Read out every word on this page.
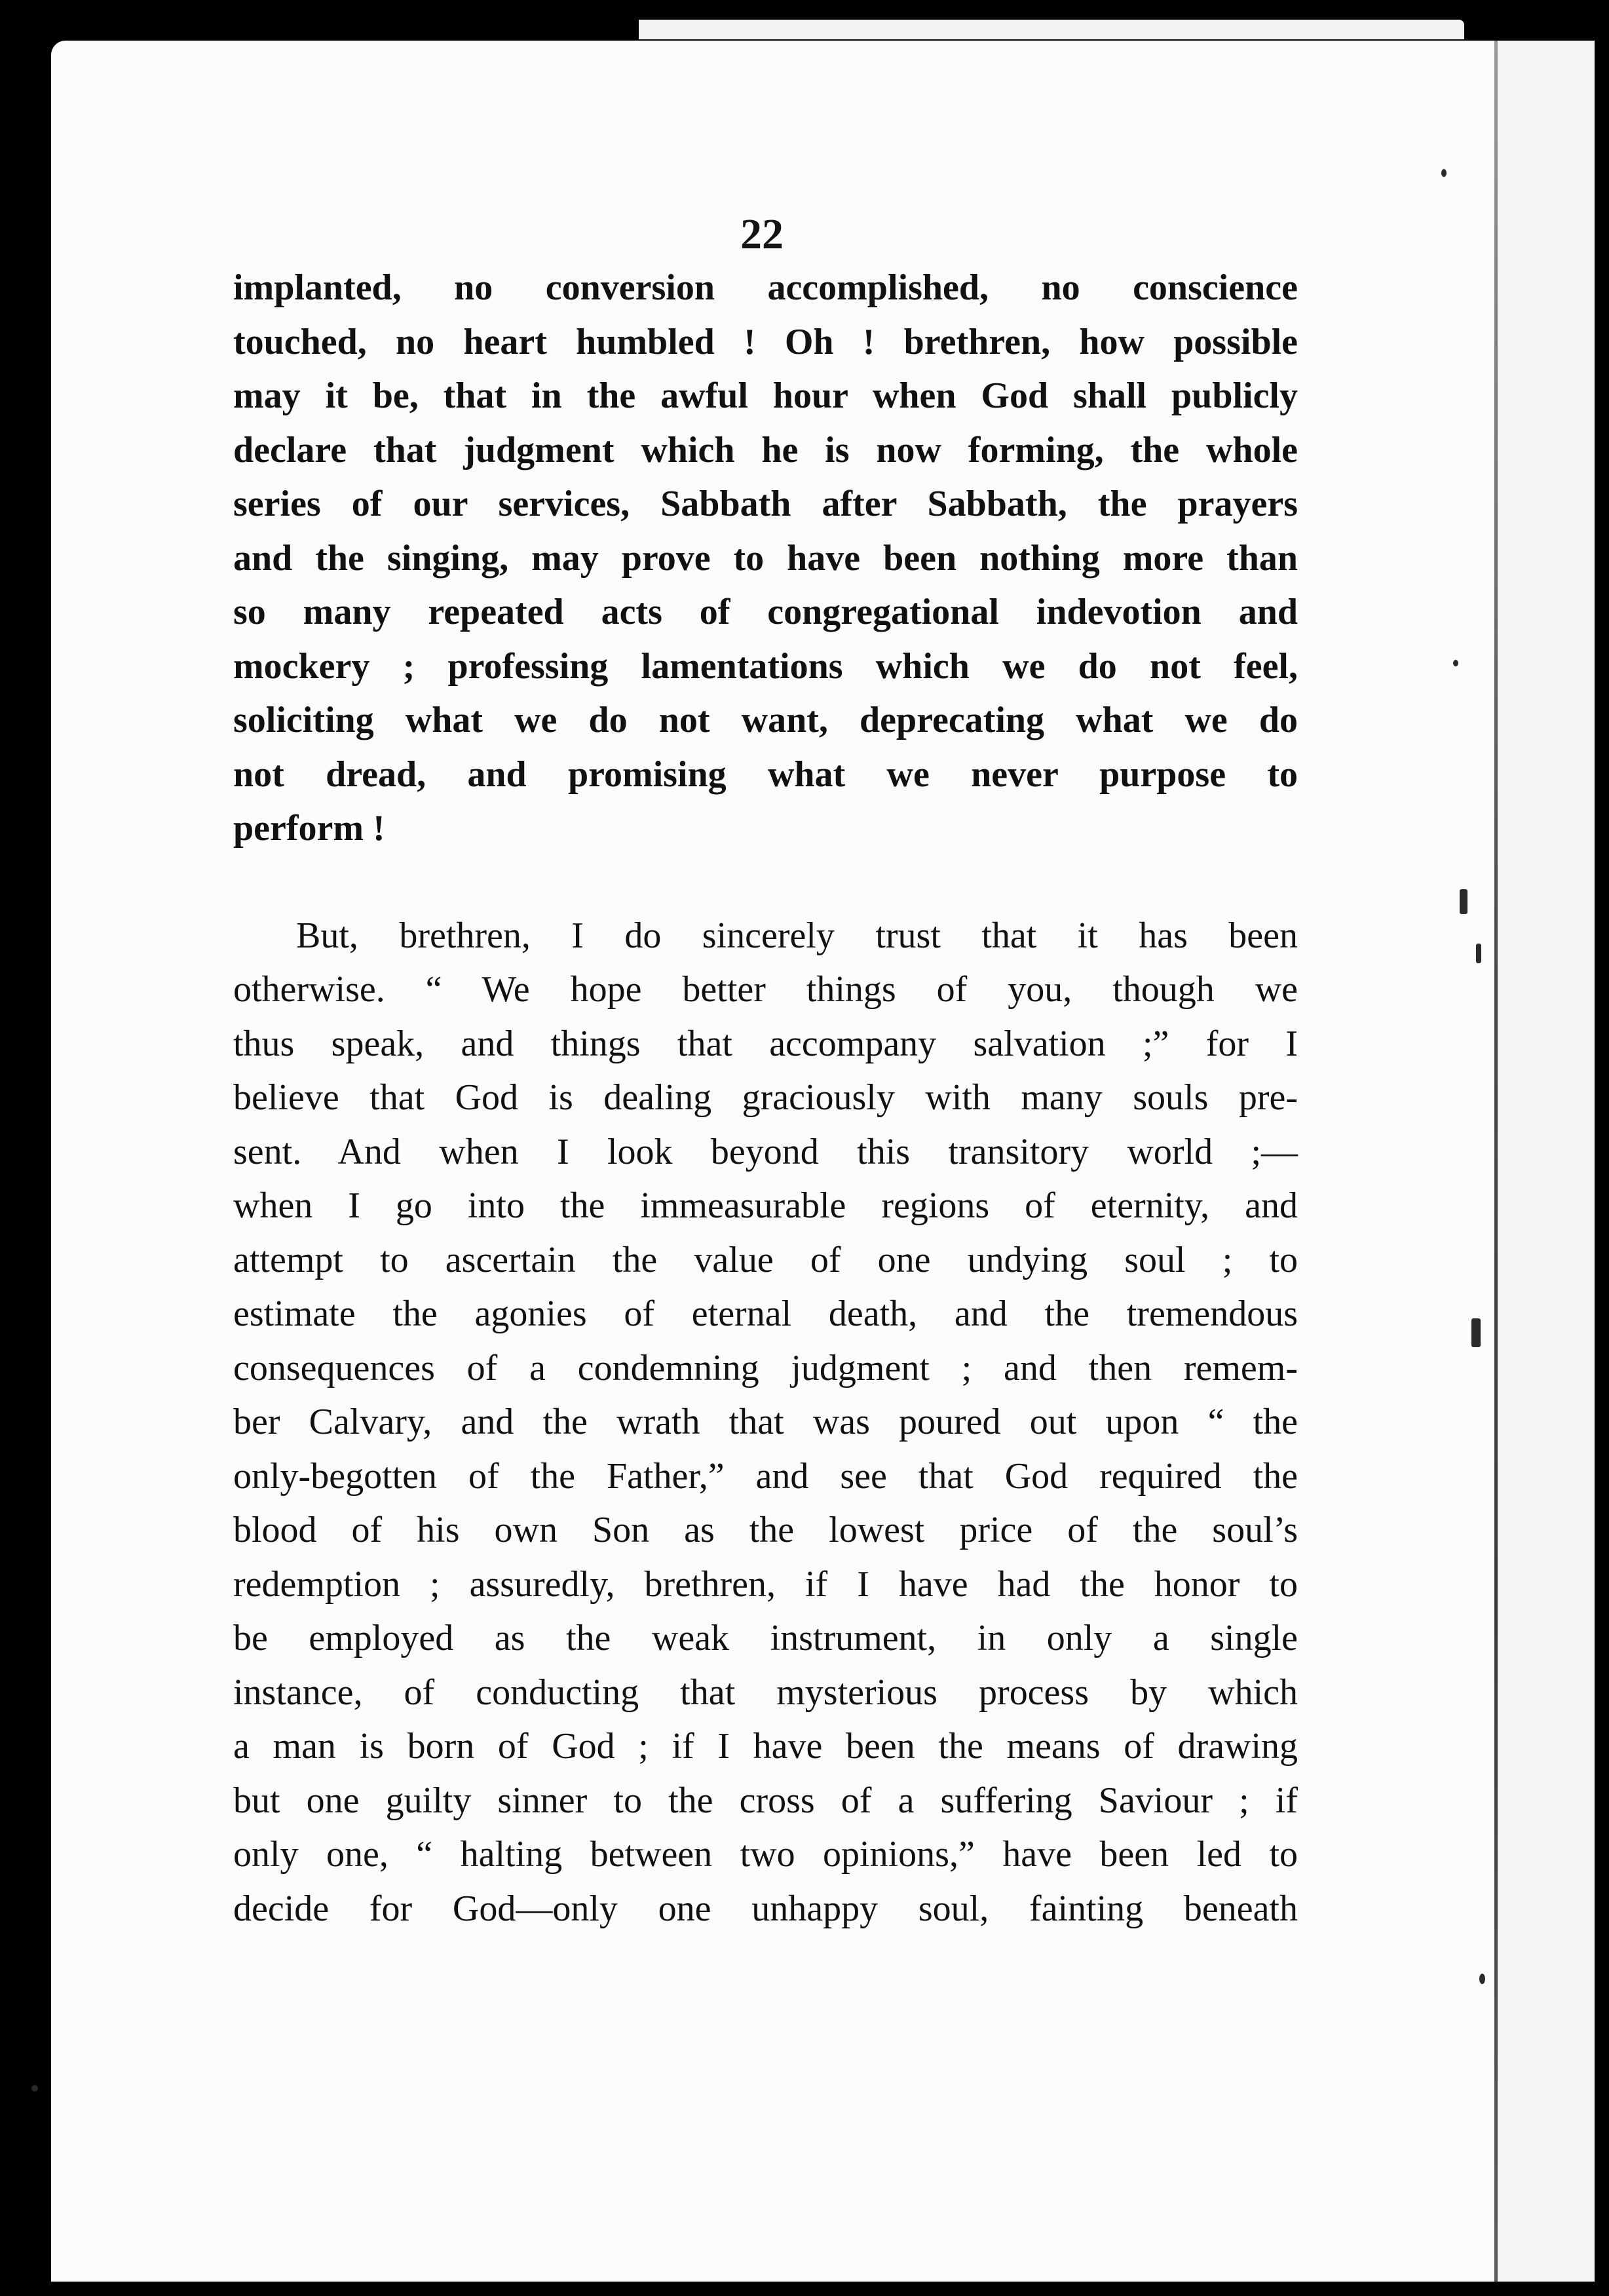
22
implanted, no conversion accomplished, no conscience
touched, no heart humbled ! Oh ! brethren, how possible
may it be, that in the awful hour when God shall publicly
declare that judgment which he is now forming, the whole
series of our services, Sabbath after Sabbath, the prayers
and the singing, may prove to have been nothing more than
so many repeated acts of congregational indevotion and
mockery ; professing lamentations which we do not feel,
soliciting what we do not want, deprecating what we do
not dread, and promising what we never purpose to
perform !
But, brethren, I do sincerely trust that it has been
otherwise. “ We hope better things of you, though we
thus speak, and things that accompany salvation ;” for I
believe that God is dealing graciously with many souls pre-
sent. And when I look beyond this transitory world ;—
when I go into the immeasurable regions of eternity, and
attempt to ascertain the value of one undying soul ; to
estimate the agonies of eternal death, and the tremendous
consequences of a condemning judgment ; and then remem-
ber Calvary, and the wrath that was poured out upon “ the
only-begotten of the Father,” and see that God required the
blood of his own Son as the lowest price of the soul’s
redemption ; assuredly, brethren, if I have had the honor to
be employed as the weak instrument, in only a single
instance, of conducting that mysterious process by which
a man is born of God ; if I have been the means of drawing
but one guilty sinner to the cross of a suffering Saviour ; if
only one, “ halting between two opinions,” have been led to
decide for God—only one unhappy soul, fainting beneath
